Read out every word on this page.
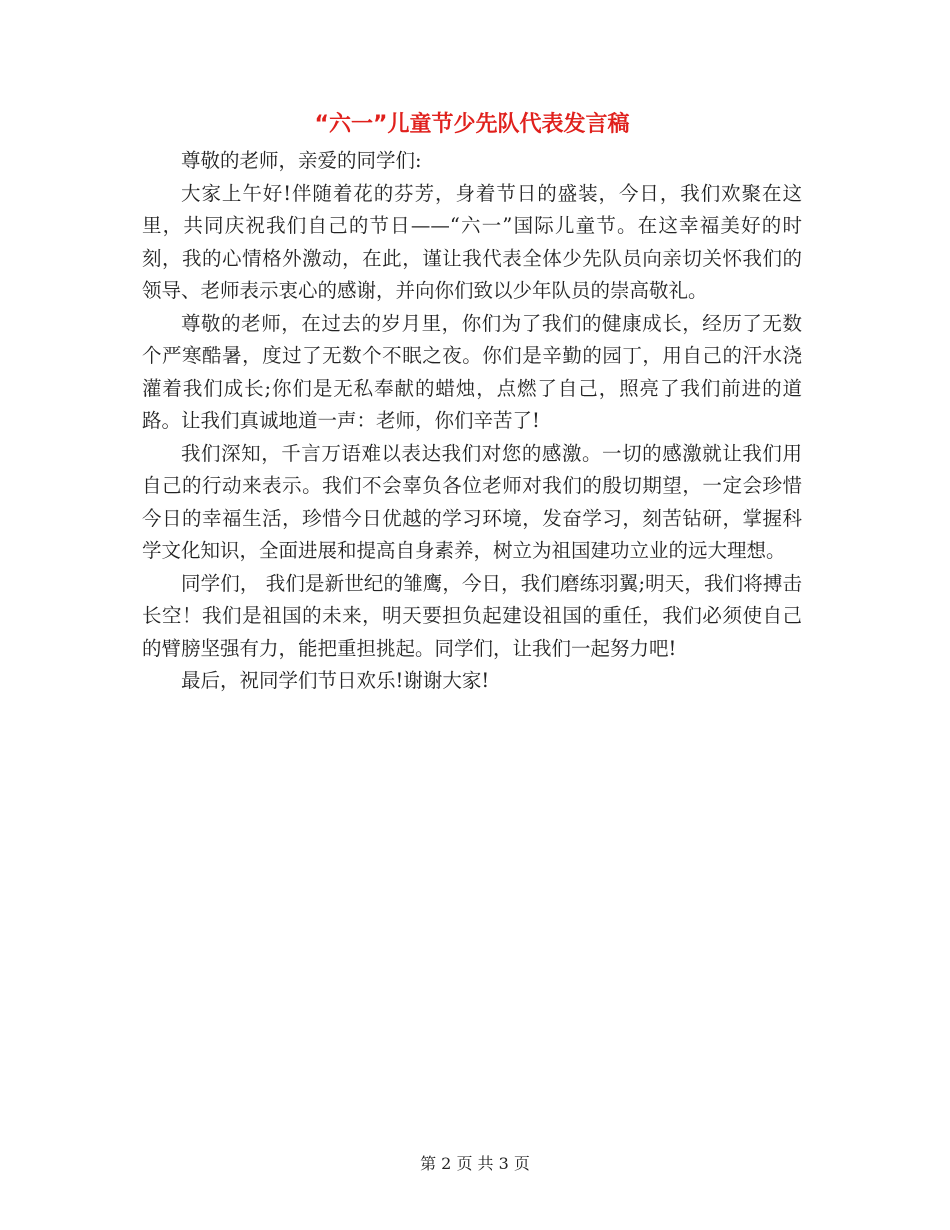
“六一”儿童节少先队代表发言稿

尊敬的老师，亲爱的同学们:

大家上午好!伴随着花的芬芳，身着节日的盛装，今日，我们欢聚在这里，共同庆祝我们自己的节日——“六一”国际儿童节。在这幸福美好的时刻，我的心情格外激动，在此，谨让我代表全体少先队员向亲切关怀我们的领导、老师表示衷心的感谢，并向你们致以少年队员的崇高敬礼。

尊敬的老师，在过去的岁月里，你们为了我们的健康成长，经历了无数个严寒酷暑，度过了无数个不眠之夜。你们是辛勤的园丁，用自己的汗水浇灌着我们成长;你们是无私奉献的蜡烛，点燃了自己，照亮了我们前进的道路。让我们真诚地道一声：老师，你们辛苦了!

我们深知，千言万语难以表达我们对您的感激。一切的感激就让我们用自己的行动来表示。我们不会辜负各位老师对我们的殷切期望，一定会珍惜今日的幸福生活，珍惜今日优越的学习环境，发奋学习，刻苦钻研，掌握科学文化知识，全面进展和提高自身素养，树立为祖国建功立业的远大理想。

同学们， 我们是新世纪的雏鹰，今日，我们磨练羽翼;明天，我们将搏击长空！我们是祖国的未来，明天要担负起建设祖国的重任，我们必须使自己的臂膀坚强有力，能把重担挑起。同学们，让我们一起努力吧!

最后，祝同学们节日欢乐!谢谢大家!

第 2 页 共 3 页
